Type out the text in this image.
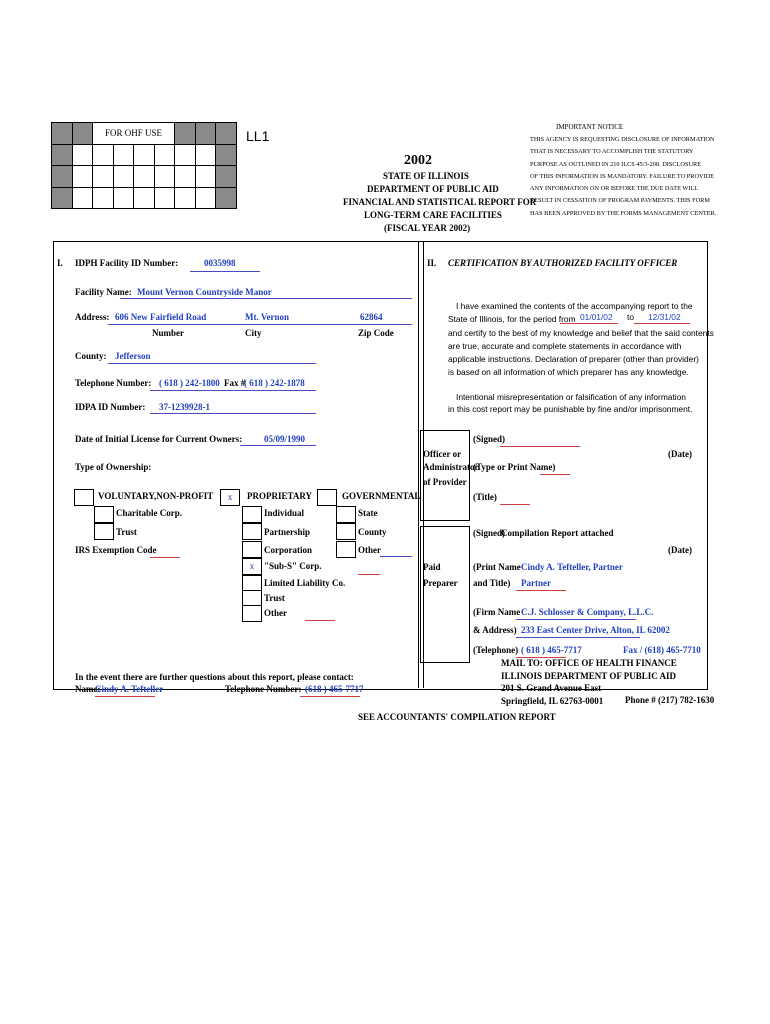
		FOR OHF USE						

									LL1
2002
STATE OF ILLINOIS
DEPARTMENT OF PUBLIC AID
FINANCIAL AND STATISTICAL REPORT FOR
LONG-TERM CARE FACILITIES
(FISCAL YEAR 2002)
IMPORTANT NOTICE
THIS AGENCY IS REQUESTING DISCLOSURE OF INFORMATION
THAT IS NECESSARY TO ACCOMPLISH THE STATUTORY
PURPOSE AS OUTLINED IN 210 ILCS 45/3-208. DISCLOSURE
OF THIS INFORMATION IS MANDATORY. FAILURE TO PROVIDE
ANY INFORMATION ON OR BEFORE THE DUE DATE WILL
RESULT IN CESSATION OF PROGRAM PAYMENTS. THIS FORM
HAS BEEN APPROVED BY THE FORMS MANAGEMENT CENTER.
I. IDPH Facility ID Number:	0035998
Facility Name: Mount Vernon Countryside Manor
Address: 606 New Fairfield Road	Mt. Vernon	62864
Number	City	Zip Code
County: Jefferson
Telephone Number: ( 618 ) 242-1800 Fax #
( 618 ) 242-1878
IDPA ID Number: 37-1239928-1
Date of Initial License for Current Owners: 05/09/1990
Type of Ownership:
VOLUNTARY,NON-PROFIT
Charitable Corp.
Trust
IRS Exemption Code
x	PROPRIETARY
Individual
Partnership
Corporation
x	"Sub-S" Corp.
Limited Liability Co.
Trust
Other
GOVERNMENTAL
State
County
Other
In the event there are further questions about this report, please contact:
Name:
Cindy A. Tefteller	Telephone Number: (618 ) 465-7717
II. CERTIFICATION BY AUTHORIZED FACILITY OFFICER
I have examined the contents of the accompanying report to the
State of Illinois, for the period from 01/01/02 to 12/31/02
and certify to the best of my knowledge and belief that the said contents
are true, accurate and complete statements in accordance with
applicable instructions. Declaration of preparer (other than provider)
is based on all information of which preparer has any knowledge.
Intentional misrepresentation or falsification of any information
in this cost report may be punishable by fine and/or imprisonment.
(Signed)
(Date)
Officer or
Administrator
of Provider
(Type or Print Name)
(Title)
(Signed)
Compilation Report attached
(Date)
Paid
Preparer
(Print Name Cindy A. Tefteller, Partner
and Title) Partner
(Firm Name C.J. Schlosser & Company, L.L.C.
& Address) 233 East Center Drive, Alton, IL 62002
(Telephone) ( 618 ) 465-7717	Fax / (618) 465-7710
MAIL TO: OFFICE OF HEALTH FINANCE
ILLINOIS DEPARTMENT OF PUBLIC AID
201 S. Grand Avenue East
Springfield, IL 62763-0001	Phone # (217) 782-1630
SEE ACCOUNTANTS' COMPILATION REPORT
